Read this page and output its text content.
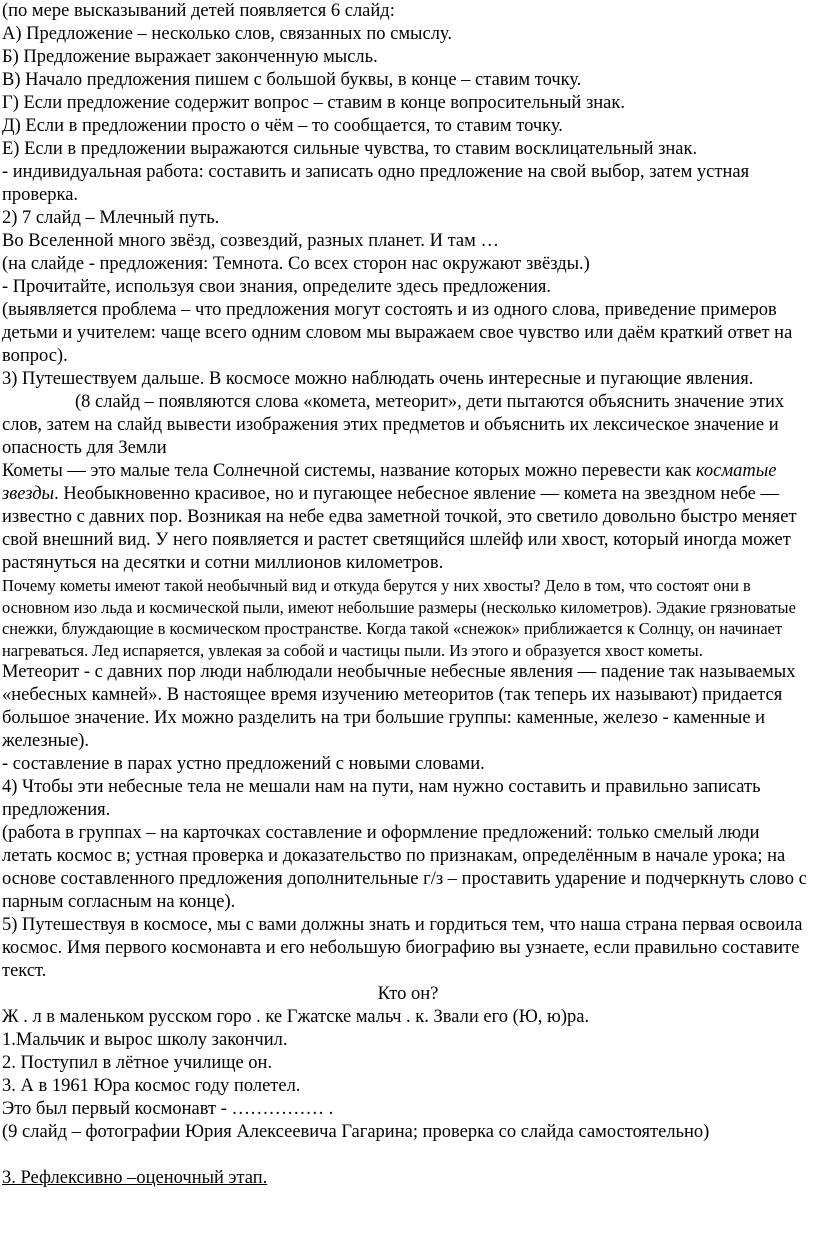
(по мере высказываний детей появляется 6 слайд:

А) Предложение – несколько слов, связанных по смыслу.

Б) Предложение выражает законченную мысль.

В) Начало предложения пишем с большой буквы, в конце – ставим точку.

Г) Если предложение содержит вопрос – ставим в конце вопросительный знак.

Д) Если в предложении просто о чём – то сообщается, то ставим точку.

Е) Если в предложении выражаются сильные чувства, то ставим восклицательный знак.

- индивидуальная работа: составить и записать одно предложение на свой выбор, затем устная проверка.

2) 7 слайд – Млечный путь.

Во Вселенной много звёзд, созвездий, разных планет. И там …

(на слайде - предложения: Темнота. Со всех сторон нас окружают звёзды.)

- Прочитайте, используя свои знания, определите здесь предложения.

(выявляется проблема – что предложения могут состоять и из одного слова, приведение примеров детьми и учителем: чаще всего одним словом мы выражаем свое чувство или даём краткий ответ на вопрос).

3) Путешествуем дальше. В космосе можно наблюдать очень интересные и пугающие явления.

(8 слайд – появляются слова «комета, метеорит», дети пытаются объяснить значение этих слов, затем на слайд вывести изображения этих предметов и объяснить их лексическое значение и опасность для Земли

Кометы — это малые тела Солнечной системы, название которых можно перевести как косматые звезды. Необыкновенно красивое, но и пугающее небесное явление — комета на звездном небе — известно с давних пор. Возникая на небе едва заметной точкой, это светило довольно быстро меняет свой внешний вид. У него появляется и растет светящийся шлейф или хвост, который иногда может растянуться на десятки и сотни миллионов километров.

Почему кометы имеют такой необычный вид и откуда берутся у них хвосты? Дело в том, что состоят они в основном изо льда и космической пыли, имеют небольшие размеры (несколько километров). Эдакие грязноватые снежки, блуждающие в космическом пространстве. Когда такой «снежок» приближается к Солнцу, он начинает нагреваться. Лед испаряется, увлекая за собой и частицы пыли. Из этого и образуется хвост кометы.

Метеорит - с давних пор люди наблюдали необычные небесные явления — падение так называемых «небесных камней». В настоящее время изучению метеоритов (так теперь их называют) придается большое значение. Их можно разделить на три большие группы: каменные, железо - каменные и железные).

- составление в парах устно предложений с новыми словами.

4) Чтобы эти небесные тела не мешали нам на пути, нам нужно составить и правильно записать предложения.

(работа в группах – на карточках составление и оформление предложений: только смелый люди летать космос в; устная проверка и доказательство по признакам, определённым в начале урока; на основе составленного предложения дополнительные г/з – проставить ударение и подчеркнуть слово с парным согласным на конце).

5) Путешествуя в космосе, мы с вами должны знать и гордиться тем, что наша страна первая освоила космос. Имя первого космонавта и его небольшую биографию вы узнаете, если правильно составите текст.

Кто он?

Ж . л в маленьком русском горо . ке Гжатске мальч . к. Звали его (Ю, ю)ра.

1.Мальчик и вырос школу закончил.

2. Поступил в лётное училище он.

3. А в 1961 Юра космос году полетел.

Это был первый космонавт - …………… .

(9 слайд – фотографии Юрия Алексеевича Гагарина; проверка со слайда самостоятельно)

3. Рефлексивно –оценочный этап.
